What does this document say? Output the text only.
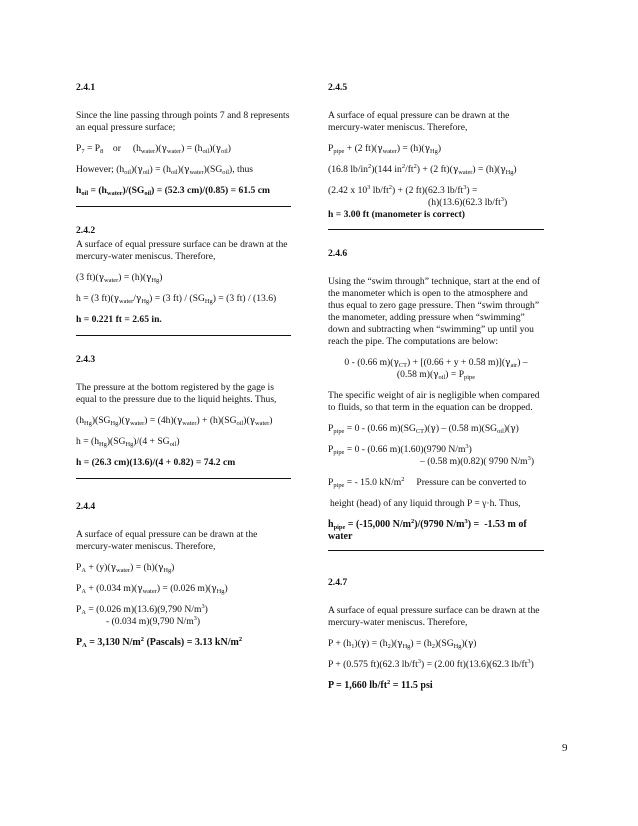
2.4.1
Since the line passing through points 7 and 8 represents an equal pressure surface;
$P_7 = P_8$    or     $(h_{water})(\gamma_{water}) = (h_{oil})(\gamma_{oil})$
However; $(h_{oil})(\gamma_{oil}) = (h_{oil})(\gamma_{water})(SG_{oil})$, thus
$h_{oil} = (h_{water})/(SG_{oil}) = (52.3$ cm)/(0.85) = 61.5 cm
2.4.2
A surface of equal pressure surface can be drawn at the mercury-water meniscus. Therefore,
(3 $ft)(\gamma_{water}) = (h)(\gamma_{Hg})$
h = (3 $ft)(\gamma_{water}/\gamma_{Hg}) = (3$ $ft) / (SG_{Hg}) = (3$ ft) / (13.6)
h = 0.221 ft = 2.65 in.
2.4.3
The pressure at the bottom registered by the gage is equal to the pressure due to the liquid heights. Thus,
$(h_{Hg})(SG_{Hg})(\gamma_{water}) = (4h)(\gamma_{water}) + (h)(SG_{oil})(\gamma_{water})$
$h = (h_{Hg})(SG_{Hg})/(4 + SG_{oil})$
h = (26.3 cm)(13.6)/(4 + 0.82) = 74.2 cm
2.4.4
A surface of equal pressure can be drawn at the mercury-water meniscus. Therefore,
$P_A + (y)(\gamma_{water}) = (h)(\gamma_{Hg})$
$P_A + (0.034$ $m)(\gamma_{water}) = (0.026$ $m)(\gamma_{Hg})$
$P_A = (0.026$ m)(13.6)(9,790 $N/m^3$)
- (0.034 m)(9,790 $N/m^3$)
$P_A = 3,130$ $N/m^2$ (Pascals) = 3.13 $kN/m^2$
2.4.5
A surface of equal pressure can be drawn at the mercury-water meniscus. Therefore,
$P_{pipe} + (2$ $ft)(\gamma_{water}) = (h)(\gamma_{Hg})$
(16.8 $lb/in^2)(144$ $in^2/ft^2) + (2$ $ft)(\gamma_{water}) = (h)(\gamma_{Hg})$
(2.42 x $10^3$ $lb/ft^2) + (2$ ft)(62.3 $lb/ft^3$) =
(h)(13.6)(62.3 $lb/ft^3$)
h = 3.00 ft (manometer is correct)
2.4.6
Using the “swim through” technique, start at the end of the manometer which is open to the atmosphere and thus equal to zero gage pressure. Then “swim through” the manometer, adding pressure when “swimming” down and subtracting when “swimming” up until you reach the pipe. The computations are below:
0 - (0.66 $m)(\gamma_{CT}) + [(0.66 + y + 0.58$ $m)](\gamma_{air})$ –
(0.58 $m)(\gamma_{oil}) = P_{pipe}$
The specific weight of air is negligible when compared to fluids, so that term in the equation can be dropped.
$P_{pipe} = 0 - (0.66$ $m)(SG_{CT})(\gamma) - (0.58$ $m)(SG_{oil})(\gamma)$
$P_{pipe} = 0 - (0.66$ m)(1.60)(9790 $N/m^3$)
– (0.58 m)(0.82)( 9790 $N/m^3$)
$P_{pipe}$ = - 15.0 $kN/m^2$ Pressure can be converted to
height (head) of any liquid through P = γ·h. Thus,
$h_{pipe} = (-15,000$ $N/m^2)/(9790$ $N/m^3) = -1.53$ m of water
2.4.7
A surface of equal pressure surface can be drawn at the mercury-water meniscus. Therefore,
$P + (h_1)(\gamma) = (h_2)(\gamma_{Hg}) = (h_2)(SG_{Hg})(\gamma)$
P + (0.575 ft)(62.3 $lb/ft^3) = (2.00$ ft)(13.6)(62.3 $lb/ft^3$)
P = 1,660 $lb/ft^2 = 11.5$ psi
9
